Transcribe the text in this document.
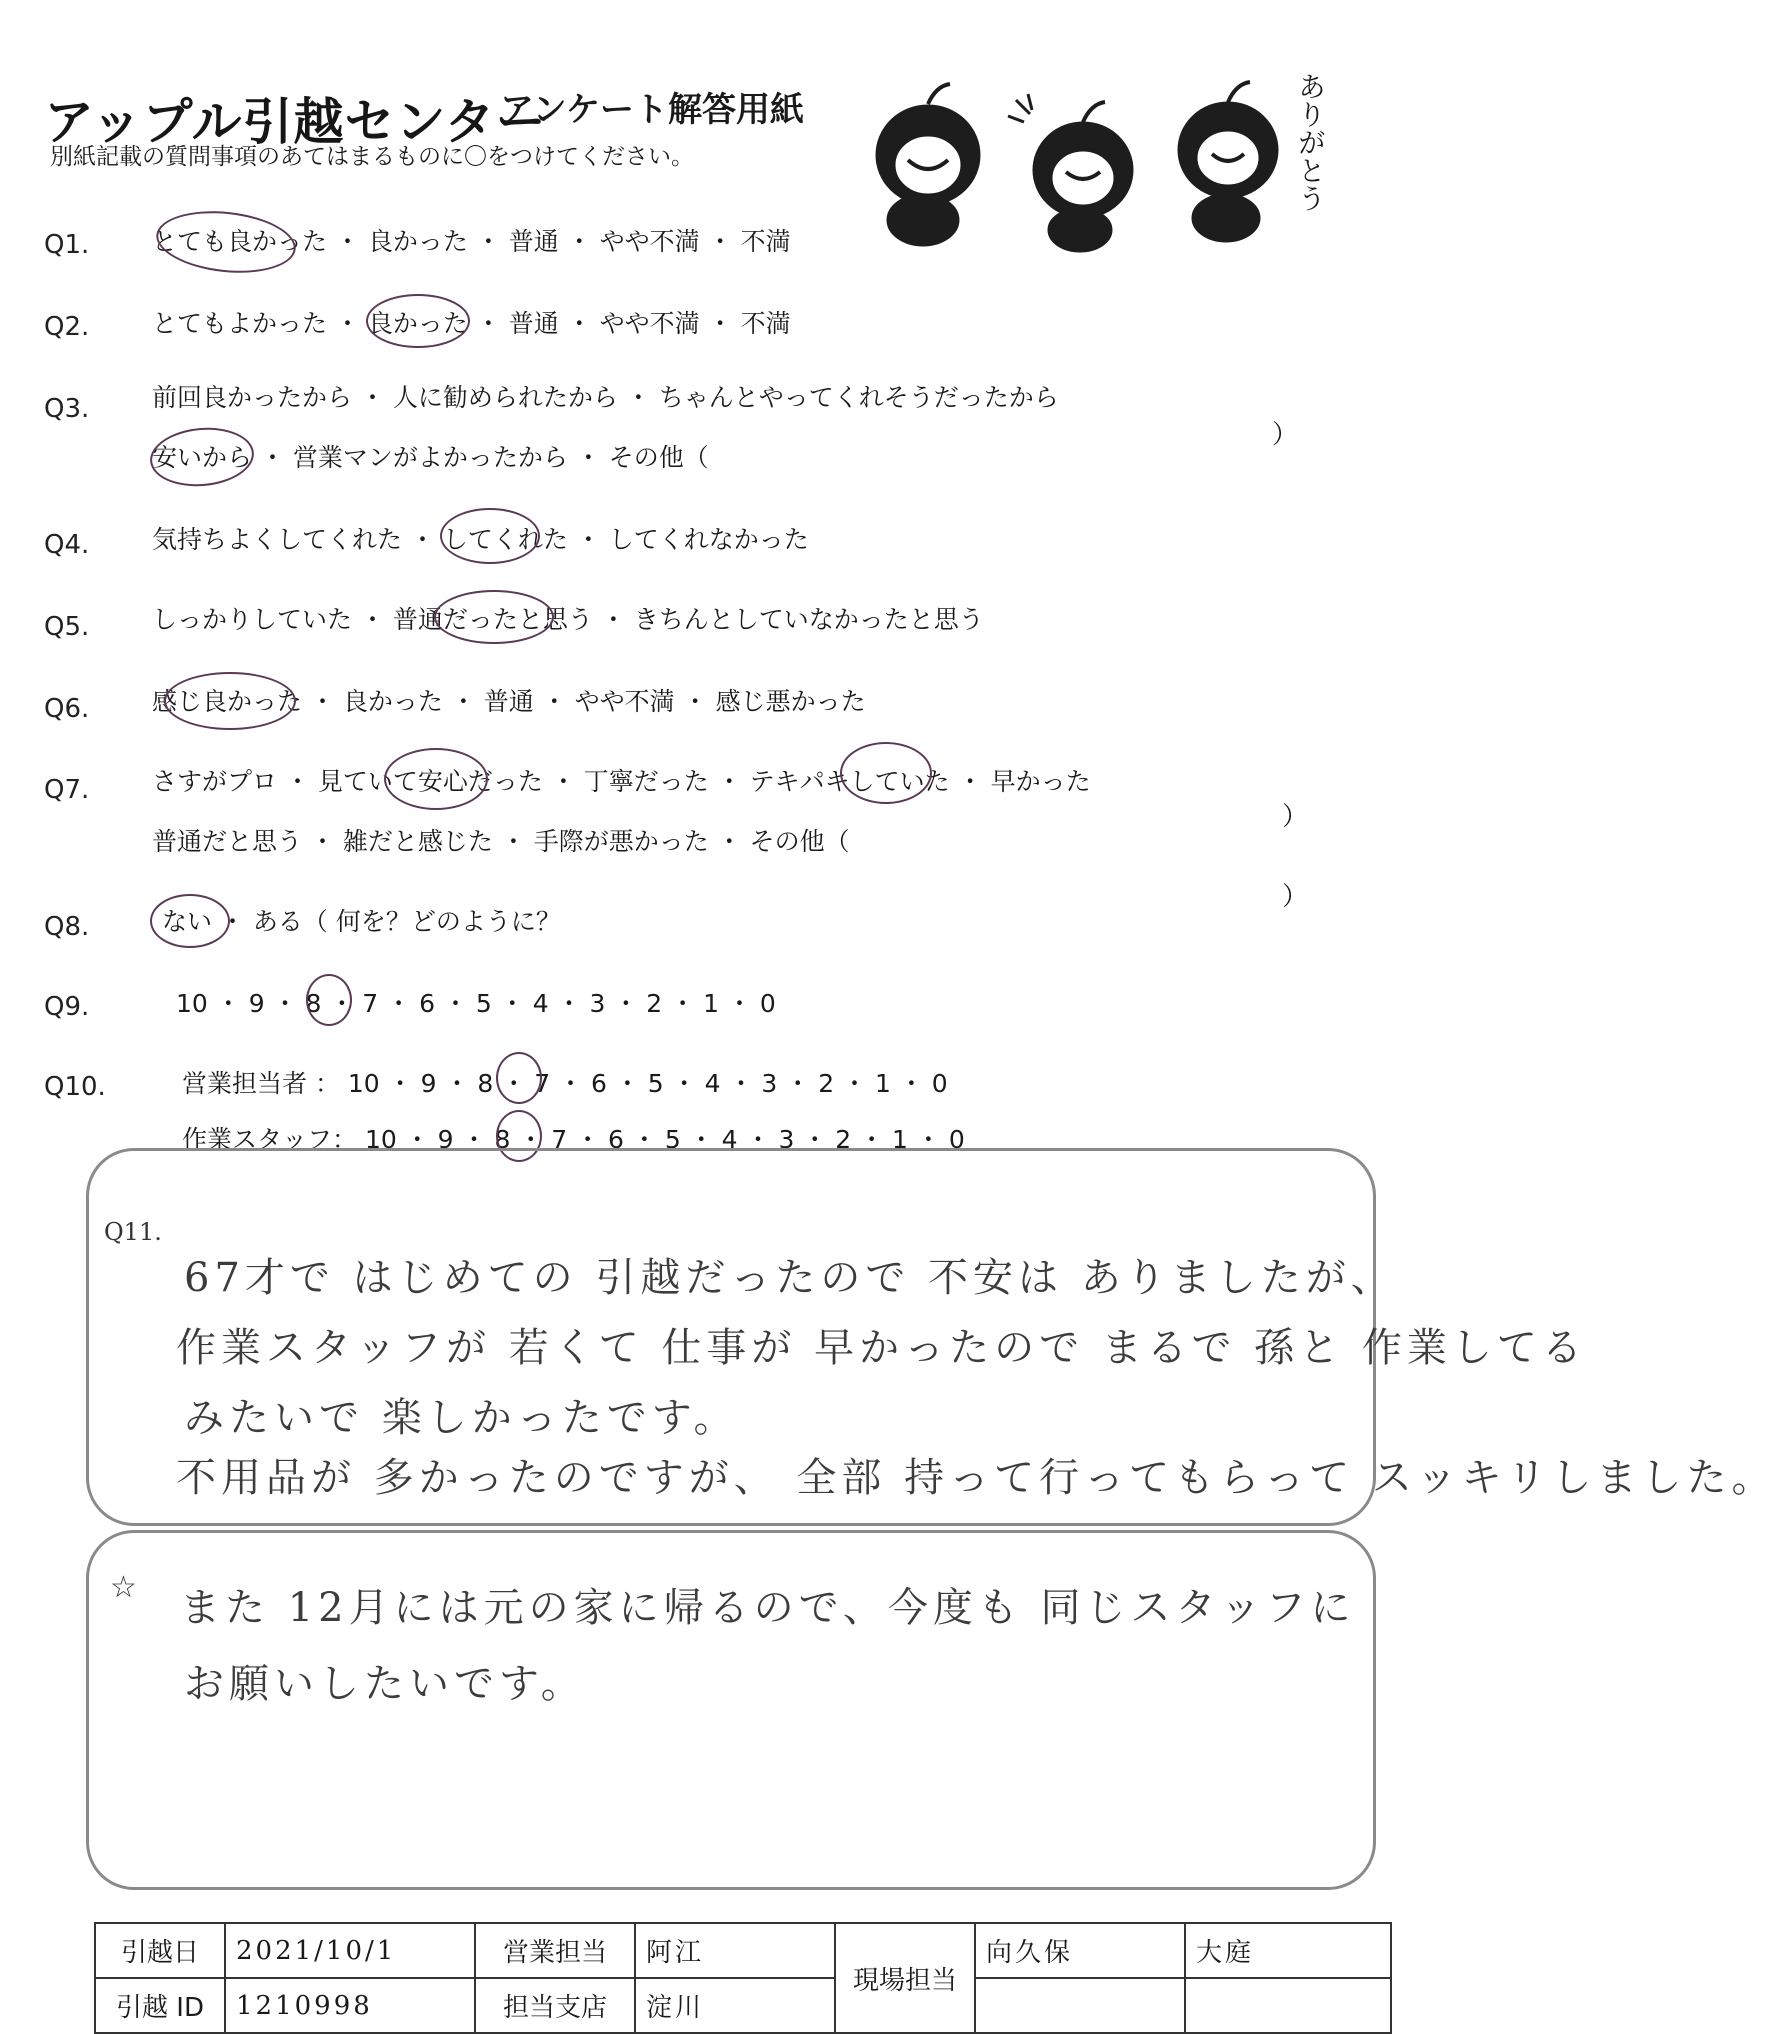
アップル引越センター
アンケート解答用紙
別紙記載の質問事項のあてはまるものに〇をつけてください。	ありがとう
Q1.	とても良かった ・ 良かった ・ 普通 ・ やや不満 ・ 不満
Q2.	とてもよかった ・ 良かった ・ 普通 ・ やや不満 ・ 不満
Q3.	前回良かったから ・ 人に勧められたから ・ ちゃんとやってくれそうだったから
安いから ・ 営業マンがよかったから ・ その他（
）
Q4.	気持ちよくしてくれた ・ してくれた ・ してくれなかった
Q5.	しっかりしていた ・ 普通だったと思う ・ きちんとしていなかったと思う
Q6.	感じ良かった ・ 良かった ・ 普通 ・ やや不満 ・ 感じ悪かった
Q7.	さすがプロ ・ 見ていて安心だった ・ 丁寧だった ・ テキパキしていた ・ 早かった
普通だと思う ・ 雑だと感じた ・ 手際が悪かった ・ その他（
）
Q8.	ない ・ ある（ 何を？どのように？
）
Q9.	10 ・ 9 ・ 8 ・ 7 ・ 6 ・ 5 ・ 4 ・ 3 ・ 2 ・ 1 ・ 0
Q10.	営業担当者 ： 10 ・ 9 ・ 8 ・ 7 ・ 6 ・ 5 ・ 4 ・ 3 ・ 2 ・ 1 ・ 0
作業スタッフ： 10 ・ 9 ・ 8 ・ 7 ・ 6 ・ 5 ・ 4 ・ 3 ・ 2 ・ 1 ・ 0
Q11.
67才で はじめての 引越だったので 不安は ありましたが、
作業スタッフが 若くて 仕事が 早かったので まるで 孫と 作業してる
みたいで 楽しかったです。
不用品が 多かったのですが、 全部 持って行ってもらって スッキリしました。
☆ また 12月には元の家に帰るので、今度も 同じスタッフに
お願いしたいです。
引越日	2021/10/1	営業担当	阿江	現場担当	向久保	大庭
引越 ID	1210998	担当支店	淀川			
